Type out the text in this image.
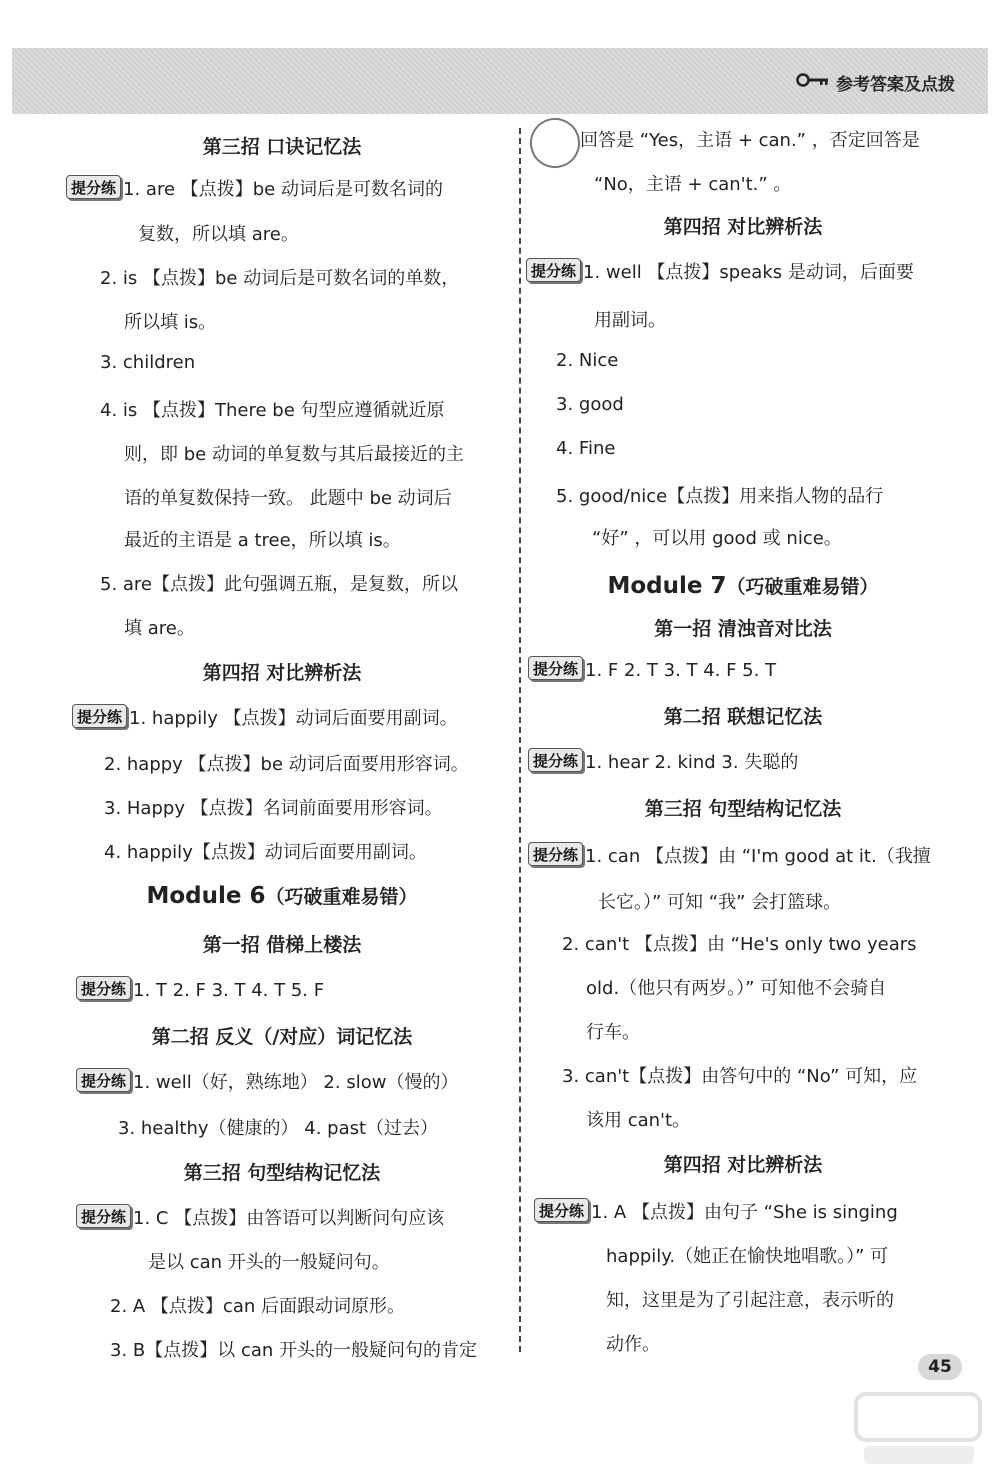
参考答案及点拨
第三招 口诀记忆法
提分练 1. are 【点拨】be 动词后是可数名词的
复数，所以填 are。
2. is 【点拨】be 动词后是可数名词的单数，
所以填 is。
3. children
4. is 【点拨】There be 句型应遵循就近原
则，即 be 动词的单复数与其后最接近的主
语的单复数保持一致。 此题中 be 动词后
最近的主语是 a tree，所以填 is。
5. are【点拨】此句强调五瓶，是复数，所以
填 are。
第四招 对比辨析法
提分练 1. happily 【点拨】动词后面要用副词。
2. happy 【点拨】be 动词后面要用形容词。
3. Happy 【点拨】名词前面要用形容词。
4. happily【点拨】动词后面要用副词。
Module 6（巧破重难易错）
第一招 借梯上楼法
提分练 1. T 2. F 3. T 4. T 5. F
第二招 反义（/对应）词记忆法
提分练 1. well（好，熟练地） 2. slow（慢的）
3. healthy（健康的） 4. past（过去）
第三招 句型结构记忆法
提分练 1. C 【点拨】由答语可以判断问句应该
是以 can 开头的一般疑问句。
2. A 【点拨】can 后面跟动词原形。
3. B【点拨】以 can 开头的一般疑问句的肯定
回答是 “Yes，主语 + can.” ，否定回答是
“No，主语 + can't.” 。
第四招 对比辨析法
提分练 1. well 【点拨】speaks 是动词，后面要
用副词。
2. Nice
3. good
4. Fine
5. good/nice【点拨】用来指人物的品行
“好” ，可以用 good 或 nice。
Module 7（巧破重难易错）
第一招 清浊音对比法
提分练 1. F 2. T 3. T 4. F 5. T
第二招 联想记忆法
提分练 1. hear 2. kind 3. 失聪的
第三招 句型结构记忆法
提分练 1. can 【点拨】由 “I'm good at it.（我擅
长它。）” 可知 “我” 会打篮球。
2. can't 【点拨】由 “He's only two years
old.（他只有两岁。）” 可知他不会骑自
行车。
3. can't【点拨】由答句中的 “No” 可知，应
该用 can't。
第四招 对比辨析法
提分练 1. A 【点拨】由句子 “She is singing
happily.（她正在愉快地唱歌。）” 可
知，这里是为了引起注意，表示听的
动作。
45
